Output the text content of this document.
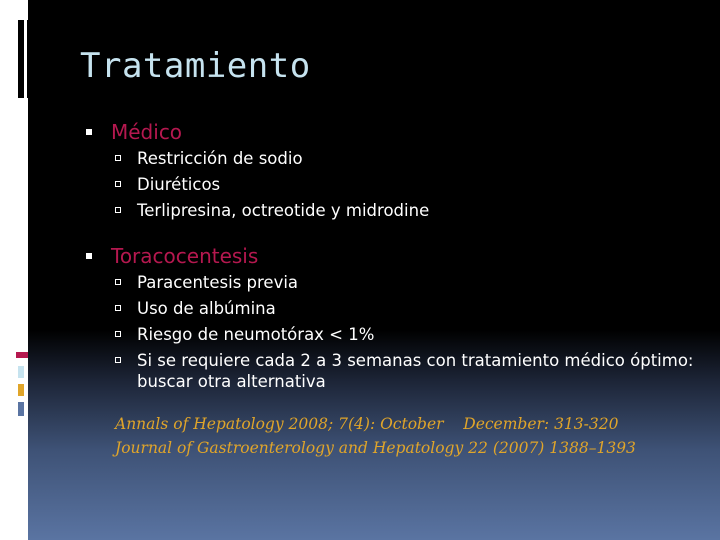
Tratamiento
Médico
Restricción de sodio
Diuréticos
Terlipresina, octreotide y midrodine
Toracocentesis
Paracentesis previa
Uso de albúmina
Riesgo de neumotórax < 1%
Si se requiere cada 2 a 3 semanas con tratamiento médico óptimo: buscar otra alternativa
Annals of Hepatology 2008; 7(4): October    December: 313-320
Journal of Gastroenterology and Hepatology 22 (2007) 1388–1393
